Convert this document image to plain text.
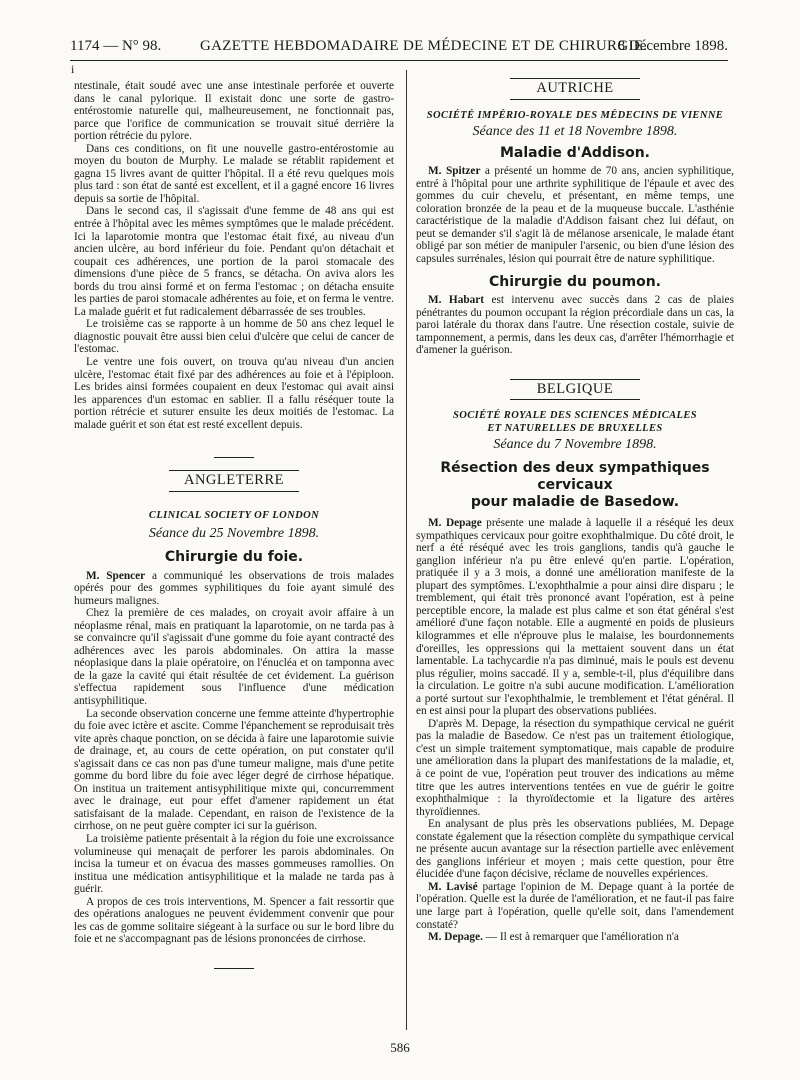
1174 — N° 98.	GAZETTE HEBDOMADAIRE DE MÉDECINE ET DE CHIRURGIE.
8 Décembre 1898.
i

ntestinale, était soudé avec une anse intestinale perforée et ouverte dans le canal pylorique. Il existait donc une sorte de gastro-entérostomie naturelle qui, malheureusement, ne fonctionnait pas, parce que l'orifice de communication se trouvait situé derrière la portion rétrécie du pylore.

Dans ces conditions, on fit une nouvelle gastro-entérostomie au moyen du bouton de Murphy. Le malade se rétablit rapidement et gagna 15 livres avant de quitter l'hôpital. Il a été revu quelques mois plus tard : son état de santé est excellent, et il a gagné encore 16 livres depuis sa sortie de l'hôpital.

Dans le second cas, il s'agissait d'une femme de 48 ans qui est entrée à l'hôpital avec les mêmes symptômes que le malade précédent. Ici la laparotomie montra que l'estomac était fixé, au niveau d'un ancien ulcère, au bord inférieur du foie. Pendant qu'on détachait et coupait ces adhérences, une portion de la paroi stomacale des dimensions d'une pièce de 5 francs, se détacha. On aviva alors les bords du trou ainsi formé et on ferma l'estomac ; on détacha ensuite les parties de paroi stomacale adhérentes au foie, et on ferma le ventre. La malade guérit et fut radicalement débarrassée de ses troubles.

Le troisième cas se rapporte à un homme de 50 ans chez lequel le diagnostic pouvait être aussi bien celui d'ulcère que celui de cancer de l'estomac.

Le ventre une fois ouvert, on trouva qu'au niveau d'un ancien ulcère, l'estomac était fixé par des adhérences au foie et à l'épiploon. Les brides ainsi formées coupaient en deux l'estomac qui avait ainsi les apparences d'un estomac en sablier. Il a fallu réséquer toute la portion rétrécie et suturer ensuite les deux moitiés de l'estomac. La malade guérit et son état est resté excellent depuis.

ANGLETERRE
CLINICAL SOCIETY OF LONDON
Séance du 25 Novembre 1898.
Chirurgie du foie.

M. Spencer a communiqué les observations de trois malades opérés pour des gommes syphilitiques du foie ayant simulé des humeurs malignes.

Chez la première de ces malades, on croyait avoir affaire à un néoplasme rénal, mais en pratiquant la laparotomie, on ne tarda pas à se convaincre qu'il s'agissait d'une gomme du foie ayant contracté des adhérences avec les parois abdominales. On attira la masse néoplasique dans la plaie opératoire, on l'énucléa et on tamponna avec de la gaze la cavité qui était résultée de cet évidement. La guérison s'effectua rapidement sous l'influence d'une médication antisyphilitique.

La seconde observation concerne une femme atteinte d'hypertrophie du foie avec ictère et ascite. Comme l'épanchement se reproduisait très vite après chaque ponction, on se décida à faire une laparotomie suivie de drainage, et, au cours de cette opération, on put constater qu'il s'agissait dans ce cas non pas d'une tumeur maligne, mais d'une petite gomme du bord libre du foie avec léger degré de cirrhose hépatique. On institua un traitement antisyphilitique mixte qui, concurremment avec le drainage, eut pour effet d'amener rapidement un état satisfaisant de la malade. Cependant, en raison de l'existence de la cirrhose, on ne peut guère compter ici sur la guérison.

La troisième patiente présentait à la région du foie une excroissance volumineuse qui menaçait de perforer les parois abdominales. On incisa la tumeur et on évacua des masses gommeuses ramollies. On institua une médication antisyphilitique et la malade ne tarda pas à guérir.

A propos de ces trois interventions, M. Spencer a fait ressortir que des opérations analogues ne peuvent évidemment convenir que pour les cas de gomme solitaire siégeant à la surface ou sur le bord libre du foie et ne s'accompagnant pas de lésions prononcées de cirrhose.

AUTRICHE
SOCIÉTÉ IMPÉRIO-ROYALE DES MÉDECINS DE VIENNE
Séance des 11 et 18 Novembre 1898.
Maladie d'Addison.

M. Spitzer a présenté un homme de 70 ans, ancien syphilitique, entré à l'hôpital pour une arthrite syphilitique de l'épaule et avec des gommes du cuir chevelu, et présentant, en même temps, une coloration bronzée de la peau et de la muqueuse buccale. L'asthénie caractéristique de la maladie d'Addison faisant chez lui défaut, on peut se demander s'il s'agit là de mélanose arsenicale, le malade étant obligé par son métier de manipuler l'arsenic, ou bien d'une lésion des capsules surrénales, lésion qui pourrait être de nature syphilitique.

Chirurgie du poumon.

M. Habart est intervenu avec succès dans 2 cas de plaies pénétrantes du poumon occupant la région précordiale dans un cas, la paroi latérale du thorax dans l'autre. Une résection costale, suivie de tamponnement, a permis, dans les deux cas, d'arrêter l'hémorrhagie et d'amener la guérison.

BELGIQUE
SOCIÉTÉ ROYALE DES SCIENCES MÉDICALES
ET NATURELLES DE BRUXELLES
Séance du 7 Novembre 1898.
Résection des deux sympathiques cervicaux
pour maladie de Basedow.

M. Depage présente une malade à laquelle il a réséqué les deux sympathiques cervicaux pour goitre exophthalmique. Du côté droit, le nerf a été réséqué avec les trois ganglions, tandis qu'à gauche le ganglion inférieur n'a pu être enlevé qu'en partie. L'opération, pratiquée il y a 3 mois, a donné une amélioration manifeste de la plupart des symptômes. L'exophthalmie a pour ainsi dire disparu ; le tremblement, qui était très prononcé avant l'opération, est à peine perceptible encore, la malade est plus calme et son état général s'est amélioré d'une façon notable. Elle a augmenté en poids de plusieurs kilogrammes et elle n'éprouve plus le malaise, les bourdonnements d'oreilles, les oppressions qui la mettaient souvent dans un état lamentable. La tachycardie n'a pas diminué, mais le pouls est devenu plus régulier, moins saccadé. Il y a, semble-t-il, plus d'équilibre dans la circulation. Le goitre n'a subi aucune modification. L'amélioration a porté surtout sur l'exophthalmie, le tremblement et l'état général. Il en est ainsi pour la plupart des observations publiées.

D'après M. Depage, la résection du sympathique cervical ne guérit pas la maladie de Basedow. Ce n'est pas un traitement étiologique, c'est un simple traitement symptomatique, mais capable de produire une amélioration dans la plupart des manifestations de la maladie, et, à ce point de vue, l'opération peut trouver des indications au même titre que les autres interventions tentées en vue de guérir le goitre exophthalmique : la thyroïdectomie et la ligature des artères thyroïdiennes.

En analysant de plus près les observations publiées, M. Depage constate également que la résection complète du sympathique cervical ne présente aucun avantage sur la résection partielle avec enlèvement des ganglions inférieur et moyen ; mais cette question, pour être élucidée d'une façon décisive, réclame de nouvelles expériences.

M. Lavisé partage l'opinion de M. Depage quant à la portée de l'opération. Quelle est la durée de l'amélioration, et ne faut-il pas faire une large part à l'opération, quelle qu'elle soit, dans l'amendement constaté?

M. Depage. — Il est à remarquer que l'amélioration n'a

586
